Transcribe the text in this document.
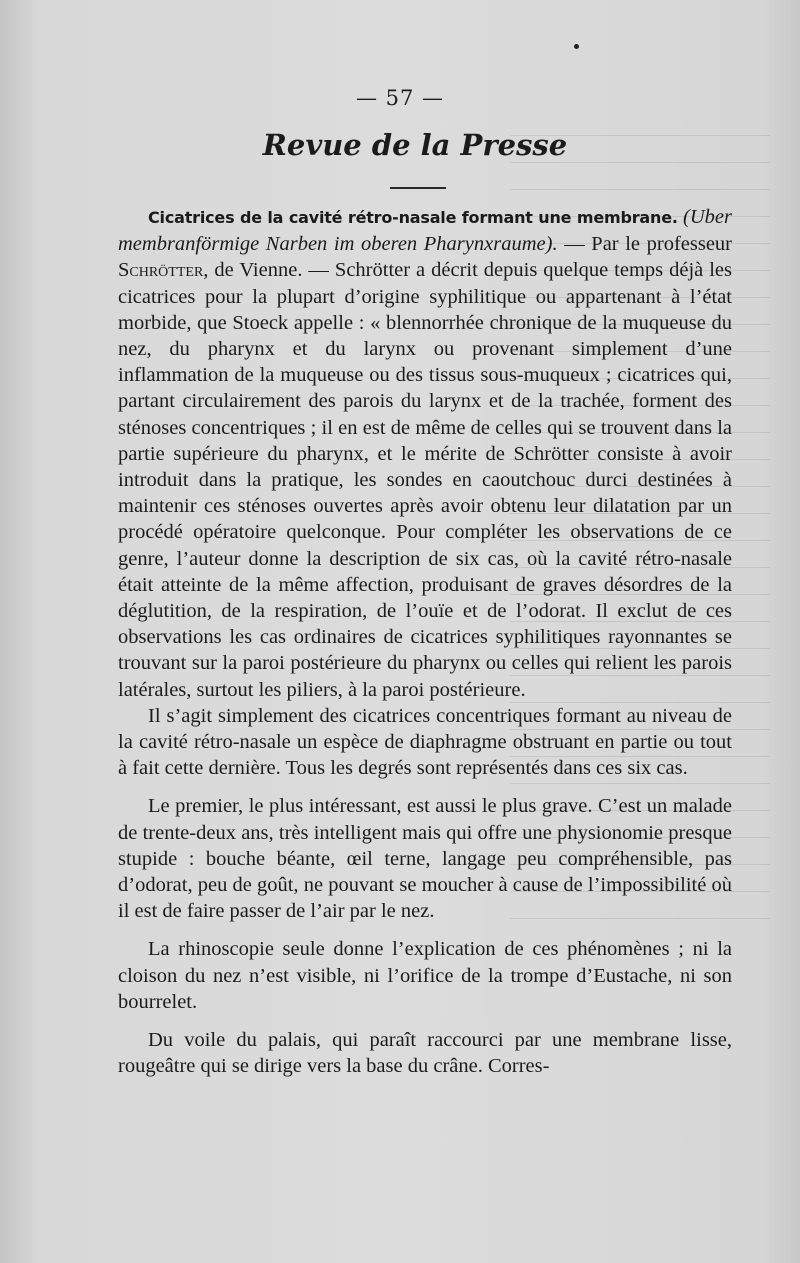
— 57 —
Revue de la Presse

Cicatrices de la cavité rétro-nasale formant une membrane. (Uber membranförmige Narben im oberen Pharynxraume). — Par le professeur Schrötter, de Vienne. — Schrötter a décrit depuis quelque temps déjà les cicatrices pour la plupart d’origine syphilitique ou appartenant à l’état morbide, que Stoeck appelle : « blennorrhée chronique de la muqueuse du nez, du pharynx et du larynx ou provenant simplement d’une inflammation de la muqueuse ou des tissus sous-muqueux ; cicatrices qui, partant circulairement des parois du larynx et de la trachée, forment des sténoses concentriques ; il en est de même de celles qui se trouvent dans la partie supérieure du pharynx, et le mérite de Schrötter consiste à avoir introduit dans la pratique, les sondes en caoutchouc durci destinées à maintenir ces sténoses ouvertes après avoir obtenu leur dilatation par un procédé opératoire quelconque. Pour compléter les observations de ce genre, l’auteur donne la description de six cas, où la cavité rétro-nasale était atteinte de la même affection, produisant de graves désordres de la déglutition, de la respiration, de l’ouïe et de l’odorat. Il exclut de ces observations les cas ordinaires de cicatrices syphilitiques rayonnantes se trouvant sur la paroi postérieure du pharynx ou celles qui relient les parois latérales, surtout les piliers, à la paroi postérieure.

Il s’agit simplement des cicatrices concentriques formant au niveau de la cavité rétro-nasale un espèce de diaphragme obstruant en partie ou tout à fait cette dernière. Tous les degrés sont représentés dans ces six cas.

Le premier, le plus intéressant, est aussi le plus grave. C’est un malade de trente-deux ans, très intelligent mais qui offre une physionomie presque stupide : bouche béante, œil terne, langage peu compréhensible, pas d’odorat, peu de goût, ne pouvant se moucher à cause de l’impossibilité où il est de faire passer de l’air par le nez.

La rhinoscopie seule donne l’explication de ces phénomènes ; ni la cloison du nez n’est visible, ni l’orifice de la trompe d’Eustache, ni son bourrelet.

Du voile du palais, qui paraît raccourci par une membrane lisse, rougeâtre qui se dirige vers la base du crâne. Corres-
